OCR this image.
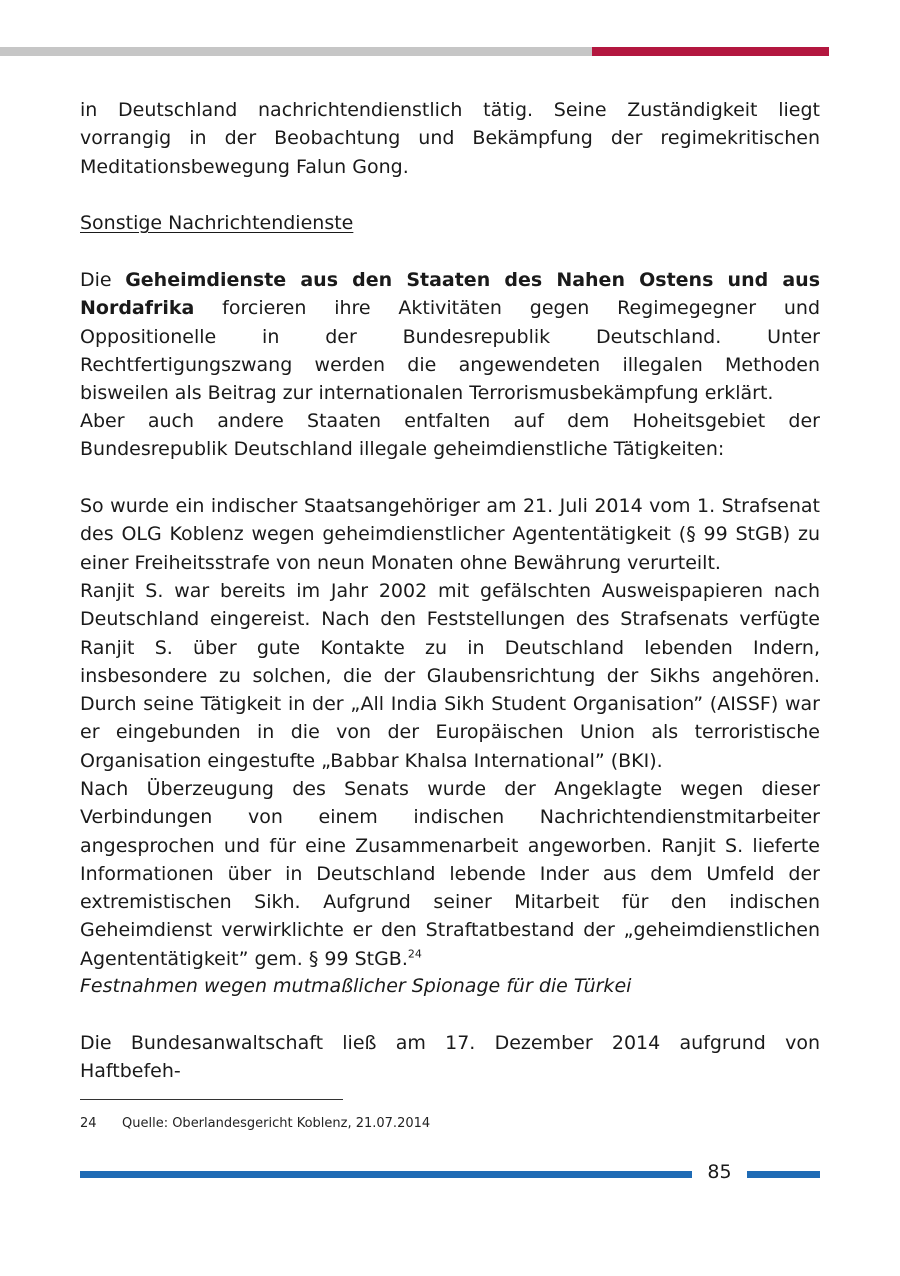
in Deutschland nachrichtendienstlich tätig. Seine Zuständigkeit liegt vorrangig in der Beobachtung und Bekämpfung der regimekritischen Meditationsbewegung Falun Gong.

Sonstige Nachrichtendienste

Die Geheimdienste aus den Staaten des Nahen Ostens und aus Nordafrika forcieren ihre Aktivitäten gegen Regimegegner und Oppositionelle in der Bundesrepublik Deutschland. Unter Rechtfertigungszwang werden die angewendeten illegalen Methoden bisweilen als Beitrag zur internationalen Terrorismusbekämpfung erklärt.

Aber auch andere Staaten entfalten auf dem Hoheitsgebiet der Bundesrepublik Deutschland illegale geheimdienstliche Tätigkeiten:

So wurde ein indischer Staatsangehöriger am 21. Juli 2014 vom 1. Strafsenat des OLG Koblenz wegen geheimdienstlicher Agententätigkeit (§ 99 StGB) zu einer Freiheitsstrafe von neun Monaten ohne Bewährung verurteilt.

Ranjit S. war bereits im Jahr 2002 mit gefälschten Ausweispapieren nach Deutschland eingereist. Nach den Feststellungen des Strafsenats verfügte Ranjit S. über gute Kontakte zu in Deutschland lebenden Indern, insbesondere zu solchen, die der Glaubensrichtung der Sikhs angehören. Durch seine Tätigkeit in der „All India Sikh Student Organisation” (AISSF) war er eingebunden in die von der Europäischen Union als terroristische Organisation eingestufte „Babbar Khalsa International” (BKI).

Nach Überzeugung des Senats wurde der Angeklagte wegen dieser Verbindungen von einem indischen Nachrichtendienstmitarbeiter angesprochen und für eine Zusammenarbeit angeworben. Ranjit S. lieferte Informationen über in Deutschland lebende Inder aus dem Umfeld der extremistischen Sikh. Aufgrund seiner Mitarbeit für den indischen Geheimdienst verwirklichte er den Straftatbestand der „geheimdienstlichen Agententätigkeit” gem. § 99 StGB.$^{24}$

Festnahmen wegen mutmaßlicher Spionage für die Türkei

Die Bundesanwaltschaft ließ am 17. Dezember 2014 aufgrund von Haftbefeh-

24 Quelle: Oberlandesgericht Koblenz, 21.07.2014
85
